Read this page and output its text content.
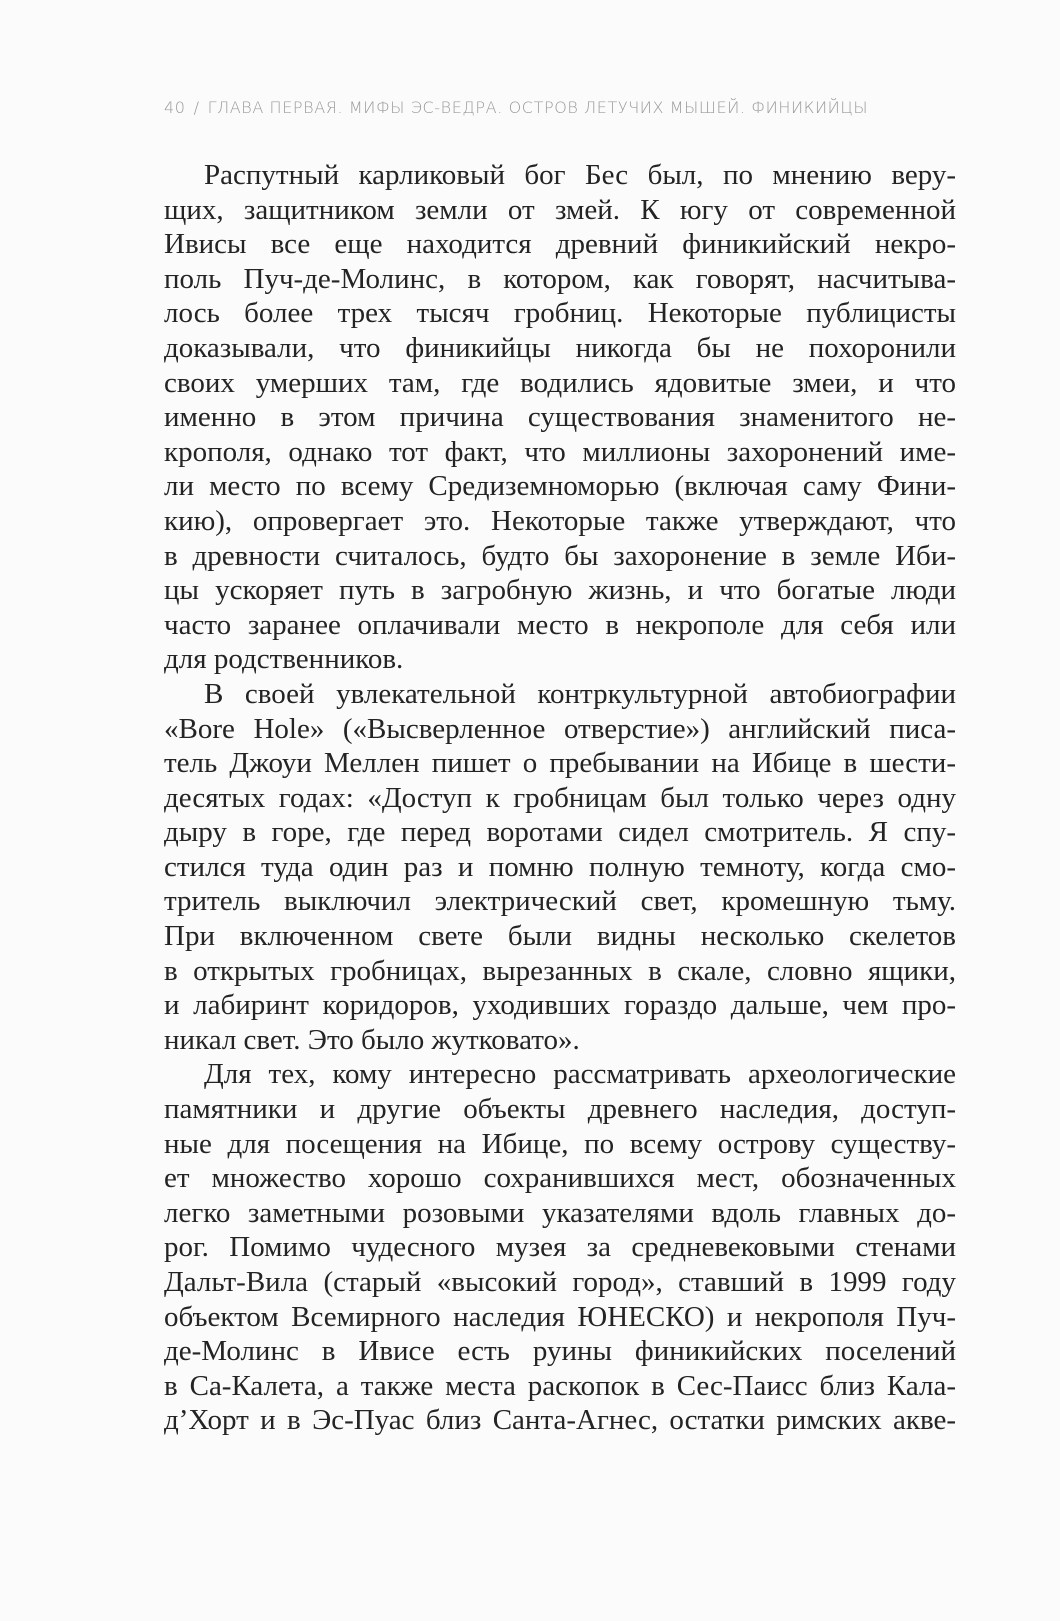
40 / ГЛАВА ПЕРВАЯ. МИФЫ ЭС-ВЕДРА. ОСТРОВ ЛЕТУЧИХ МЫШЕЙ. ФИНИКИЙЦЫ
Распутный карликовый бог Бес был, по мнению веру-
щих, защитником земли от змей. К югу от современной
Ивисы все еще находится древний финикийский некро-
поль Пуч-де-Молинс, в котором, как говорят, насчитыва-
лось более трех тысяч гробниц. Некоторые публицисты
доказывали, что финикийцы никогда бы не похоронили
своих умерших там, где водились ядовитые змеи, и что
именно в этом причина существования знаменитого не-
крополя, однако тот факт, что миллионы захоронений име-
ли место по всему Средиземноморью (включая саму Фини-
кию), опровергает это. Некоторые также утверждают, что
в древности считалось, будто бы захоронение в земле Иби-
цы ускоряет путь в загробную жизнь, и что богатые люди
часто заранее оплачивали место в некрополе для себя или
для родственников.
В своей увлекательной контркультурной автобиографии
«Bore Hole» («Высверленное отверстие») английский писа-
тель Джоуи Меллен пишет о пребывании на Ибице в шести-
десятых годах: «Доступ к гробницам был только через одну
дыру в горе, где перед воротами сидел смотритель. Я спу-
стился туда один раз и помню полную темноту, когда смо-
тритель выключил электрический свет, кромешную тьму.
При включенном свете были видны несколько скелетов
в открытых гробницах, вырезанных в скале, словно ящики,
и лабиринт коридоров, уходивших гораздо дальше, чем про-
никал свет. Это было жутковато».
Для тех, кому интересно рассматривать археологические
памятники и другие объекты древнего наследия, доступ-
ные для посещения на Ибице, по всему острову существу-
ет множество хорошо сохранившихся мест, обозначенных
легко заметными розовыми указателями вдоль главных до-
рог. Помимо чудесного музея за средневековыми стенами
Дальт-Вила (старый «высокий город», ставший в 1999 году
объектом Всемирного наследия ЮНЕСКО) и некрополя Пуч-
де-Молинс в Ивисе есть руины финикийских поселений
в Са-Калета, а также места раскопок в Сес-Паисс близ Кала-
д’Хорт и в Эс-Пуас близ Санта-Агнес, остатки римских акве-
